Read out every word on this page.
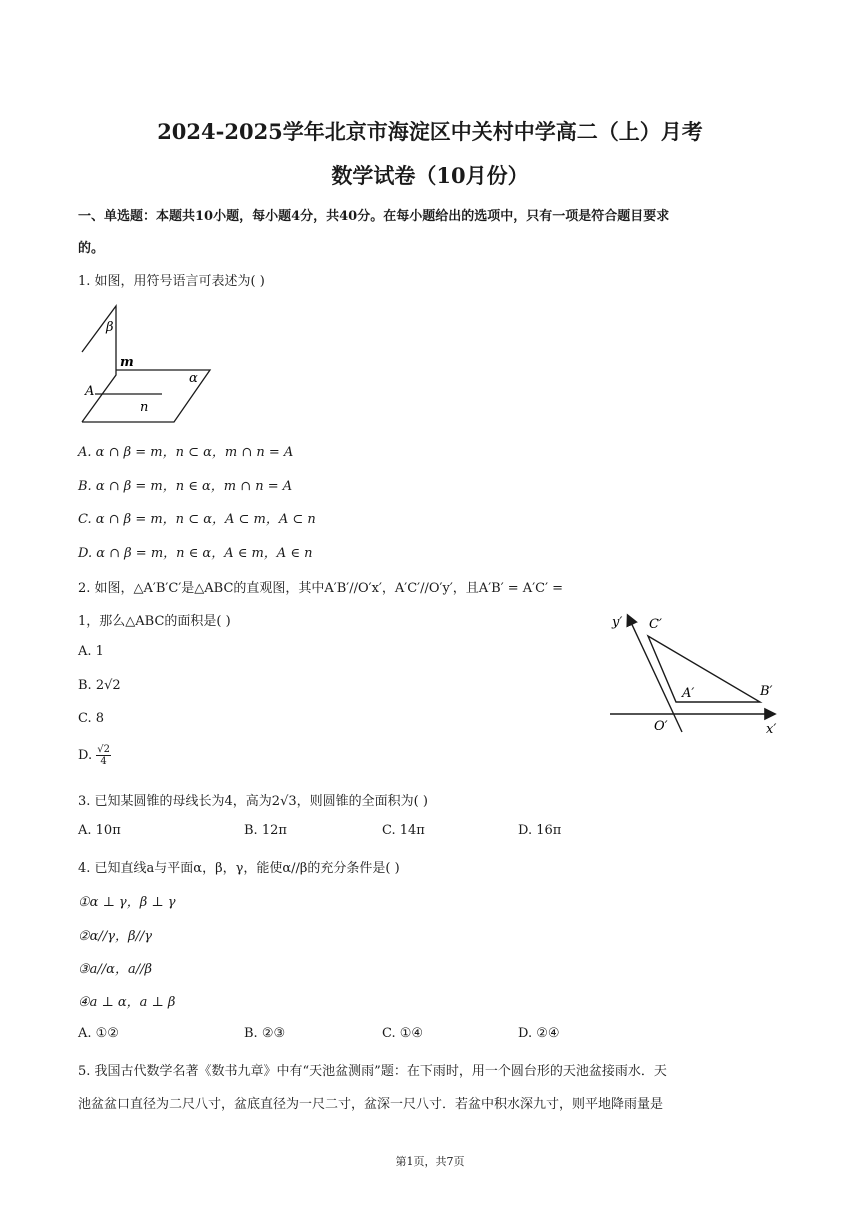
2024-2025学年北京市海淀区中关村中学高二（上）月考
数学试卷（10月份）
一、单选题：本题共10小题，每小题4分，共40分。在每小题给出的选项中，只有一项是符合题目要求
的。
1. 如图，用符号语言可表述为( )
β
m
α
A
n
A. α ∩ β = m，n ⊂ α，m ∩ n = A
B. α ∩ β = m，n ∈ α，m ∩ n = A
C. α ∩ β = m，n ⊂ α，A ⊂ m，A ⊂ n
D. α ∩ β = m，n ∈ α，A ∈ m，A ∈ n
2. 如图，△A′B′C′是△ABC的直观图，其中A′B′//O′x′，A′C′//O′y′，且A′B′ = A′C′ =
1，那么△ABC的面积是( )	y′ C′
A′	B′
O′	x′
A. 1
B. 2√2
C. 8
D. $\frac{√2}{4}$
3. 已知某圆锥的母线长为4，高为2√3，则圆锥的全面积为( )
A. 10π	B. 12π	C. 14π	D. 16π
4. 已知直线a与平面α，β，γ，能使α//β的充分条件是( )
①α ⊥ γ，β ⊥ γ
②α//γ，β//γ
③a//α，a//β
④a ⊥ α，a ⊥ β
A. ①②	B. ②③	C. ①④	D. ②④
5. 我国古代数学名著《数书九章》中有“天池盆测雨”题：在下雨时，用一个圆台形的天池盆接雨水．天
池盆盆口直径为二尺八寸，盆底直径为一尺二寸，盆深一尺八寸．若盆中积水深九寸，则平地降雨量是
第1页，共7页
